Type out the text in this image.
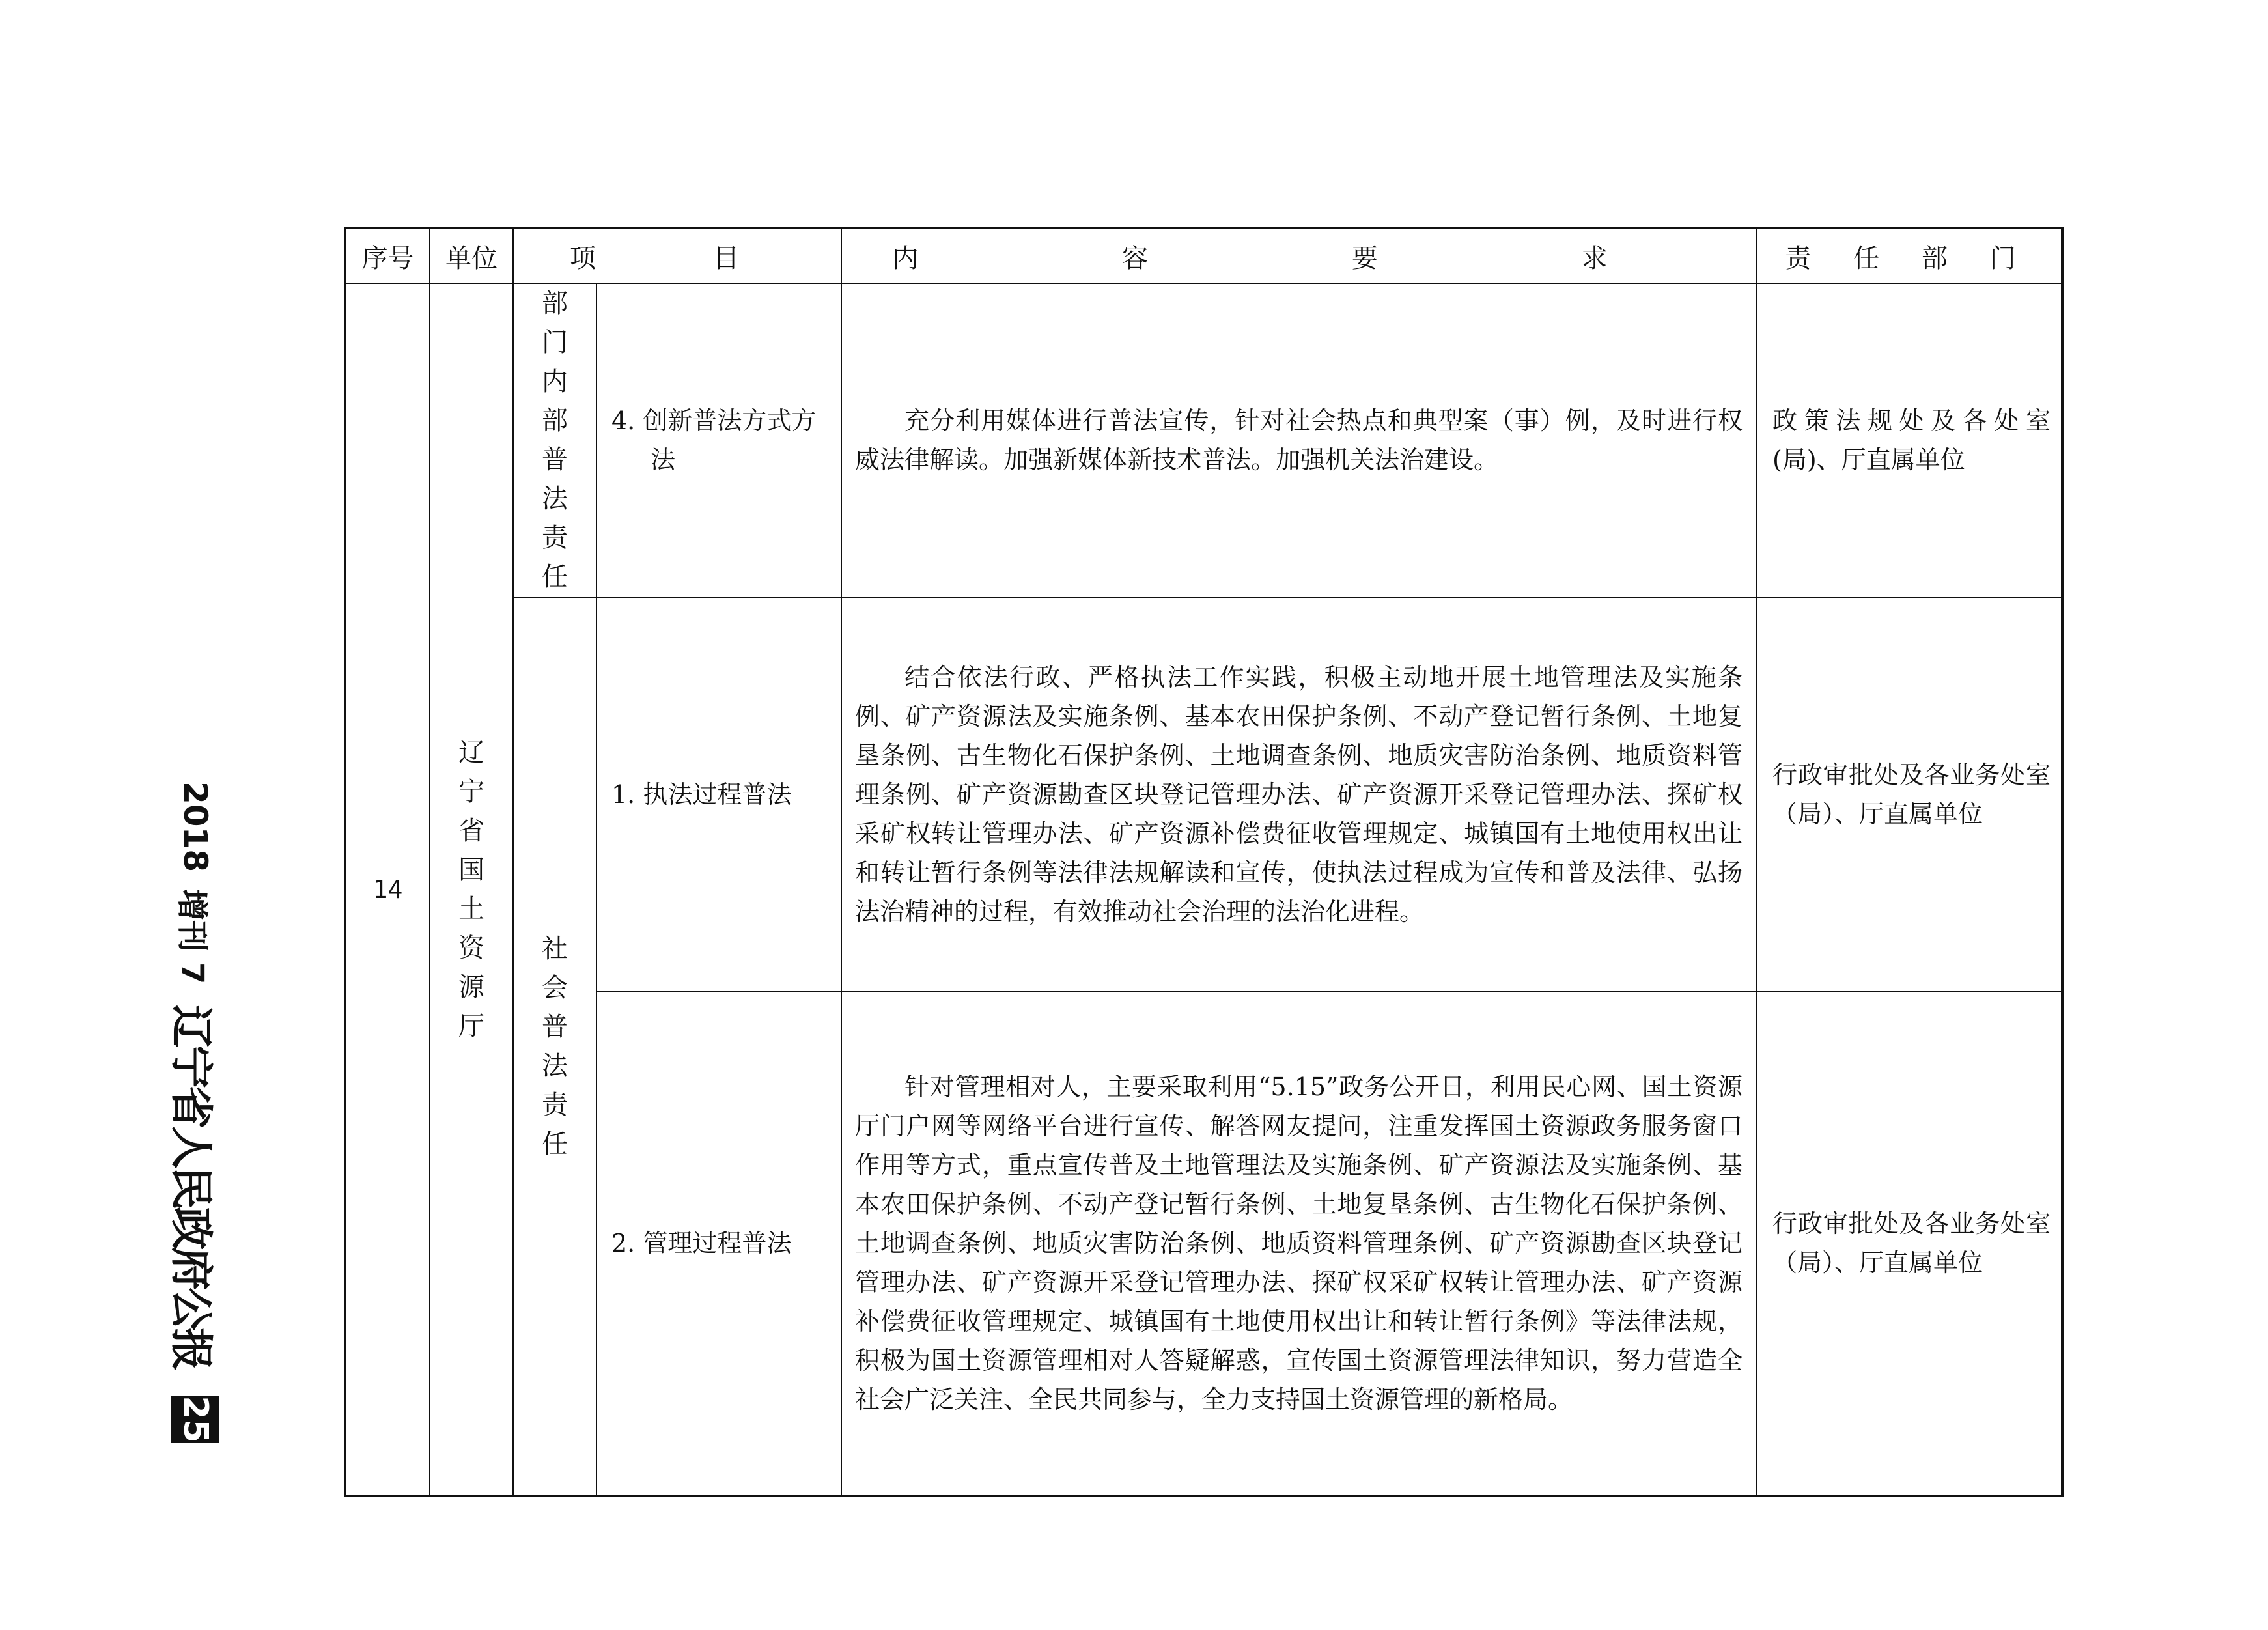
2018
增刊 7
辽宁省人民政府公报
25
序号	单位	项　目		内 容 要 求	责 任 部 门
14	辽宁省国土资源厅	部门内部普法责任	4. 创新普法方式方法	充分利用媒体进行普法宣传，针对社会热点和典型案（事）例，及时进行权威法律解读。加强新媒体新技术普法。加强机关法治建设。	政策法规处及各处室(局)、厅直属单位

		社会普法责任	1. 执法过程普法	结合依法行政、严格执法工作实践，积极主动地开展土地管理法及实施条例、矿产资源法及实施条例、基本农田保护条例、不动产登记暂行条例、土地复垦条例、古生物化石保护条例、土地调查条例、地质灾害防治条例、地质资料管理条例、矿产资源勘查区块登记管理办法、矿产资源开采登记管理办法、探矿权采矿权转让管理办法、矿产资源补偿费征收管理规定、城镇国有土地使用权出让和转让暂行条例等法律法规解读和宣传，使执法过程成为宣传和普及法律、弘扬法治精神的过程，有效推动社会治理的法治化进程。	行政审批处及各业务处室（局）、厅直属单位

			2. 管理过程普法	针对管理相对人，主要采取利用“5.15”政务公开日，利用民心网、国土资源厅门户网等网络平台进行宣传、解答网友提问，注重发挥国土资源政务服务窗口作用等方式，重点宣传普及土地管理法及实施条例、矿产资源法及实施条例、基本农田保护条例、不动产登记暂行条例、土地复垦条例、古生物化石保护条例、土地调查条例、地质灾害防治条例、地质资料管理条例、矿产资源勘查区块登记管理办法、矿产资源开采登记管理办法、探矿权采矿权转让管理办法、矿产资源补偿费征收管理规定、城镇国有土地使用权出让和转让暂行条例》等法律法规，积极为国土资源管理相对人答疑解惑，宣传国土资源管理法律知识，努力营造全社会广泛关注、全民共同参与，全力支持国土资源管理的新格局。	行政审批处及各业务处室（局）、厅直属单位
